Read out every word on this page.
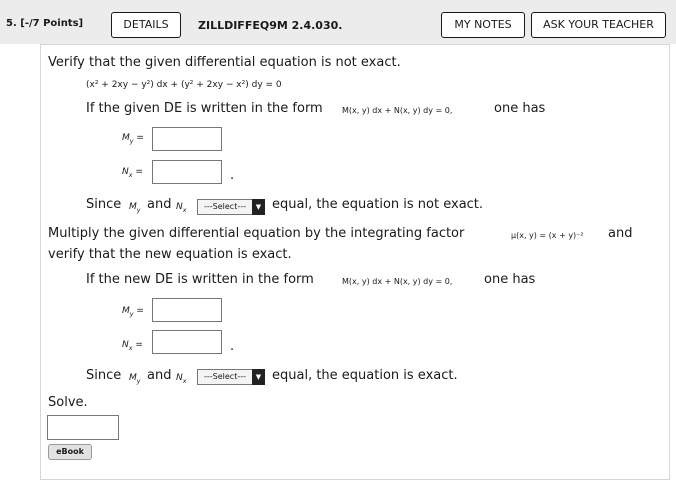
5. [-/7 Points]	DETAILS	ZILLDIFFEQ9M 2.4.030.	MY NOTES	ASK YOUR TEACHER
Verify that the given differential equation is not exact.
(x² + 2xy − y²) dx + (y² + 2xy − x²) dy = 0
If the given DE is written in the form M(x, y) dx + N(x, y) dy = 0,	one has
$M_y$ =
$N_x$ =	.
Since $M_y$ and $N_x$ ---Select---	▼ equal, the equation is not exact.
Multiply the given differential equation by the integrating factor	μ(x, y) = (x + y)⁻² and
verify that the new equation is exact.
If the new DE is written in the form	M(x, y) dx + N(x, y) dy = 0, one has
$M_y$ =
$N_x$ =	.
Since $M_y$ and $N_x$
---Select---	▼ equal, the equation is exact.
Solve.
eBook
